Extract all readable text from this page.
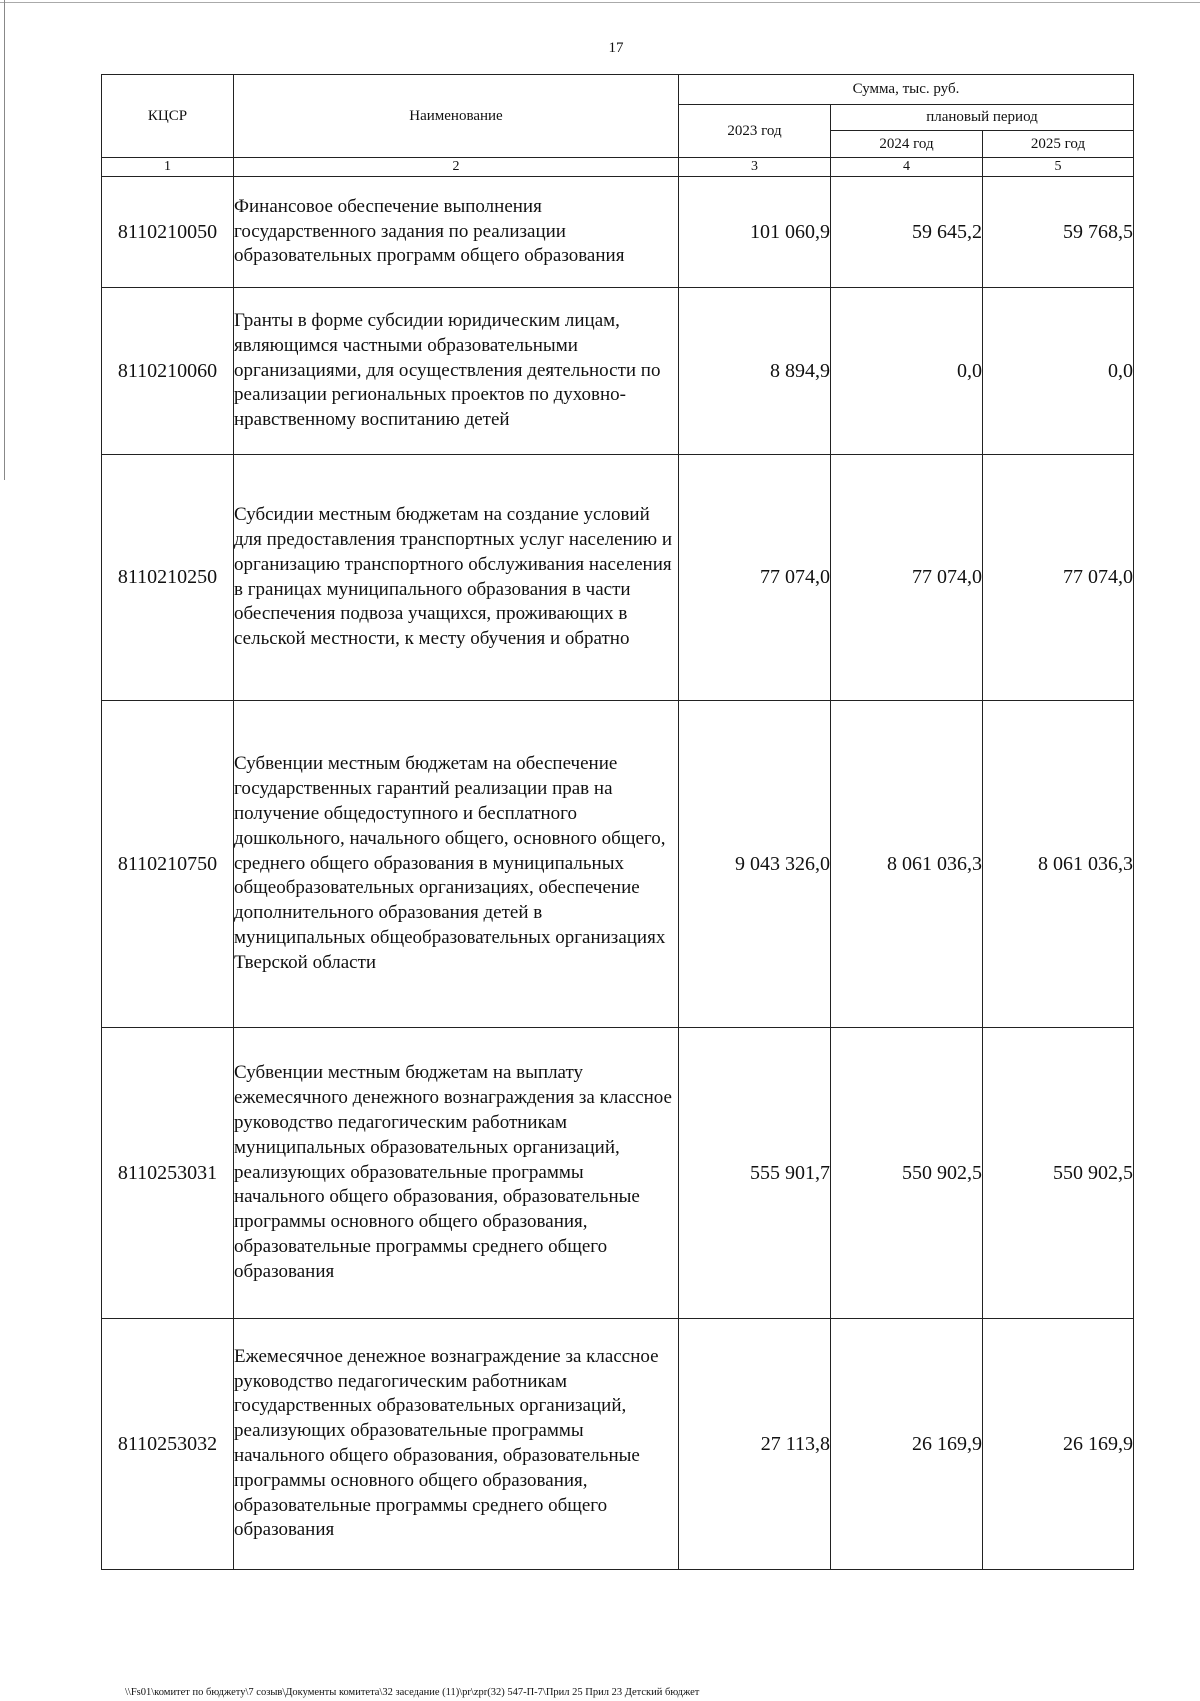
17
КЦСР	Наименование	Сумма, тыс. руб.		
		2023 год	плановый период	
			2024 год	2025 год
1	2	3	4	5
8110210050	Финансовое обеспечение выполнения государственного задания по реализации образовательных программ общего образования	101 060,9	59 645,2	59 768,5
8110210060	Гранты в форме субсидии юридическим лицам, являющимся частными образовательными организациями, для осуществления деятельности по реализации региональных проектов по духовно-нравственному воспитанию детей	8 894,9	0,0	0,0
8110210250	Субсидии местным бюджетам на создание условий для предоставления транспортных услуг населению и организацию транспортного обслуживания населения в границах муниципального образования в части обеспечения подвоза учащихся, проживающих в сельской местности, к месту обучения и обратно	77 074,0	77 074,0	77 074,0
8110210750	Субвенции местным бюджетам на обеспечение государственных гарантий реализации прав на получение общедоступного и бесплатного дошкольного, начального общего, основного общего, среднего общего образования в муниципальных общеобразовательных организациях, обеспечение дополнительного образования детей в муниципальных общеобразовательных организациях Тверской области	9 043 326,0	8 061 036,3	8 061 036,3
8110253031	Субвенции местным бюджетам на выплату ежемесячного денежного вознаграждения за классное руководство педагогическим работникам муниципальных образовательных организаций, реализующих образовательные программы начального общего образования, образовательные программы основного общего образования, образовательные программы среднего общего образования	555 901,7	550 902,5	550 902,5
8110253032	Ежемесячное денежное вознаграждение за классное руководство педагогическим работникам государственных образовательных организаций, реализующих образовательные программы начального общего образования, образовательные программы основного общего образования, образовательные программы среднего общего образования	27 113,8	26 169,9	26 169,9
\\Fs01\комитет по бюджету\7 созыв\Документы комитета\32 заседание (11)\pr\zpr(32) 547-П-7\Прил 25 Прил 23 Детский бюджет
